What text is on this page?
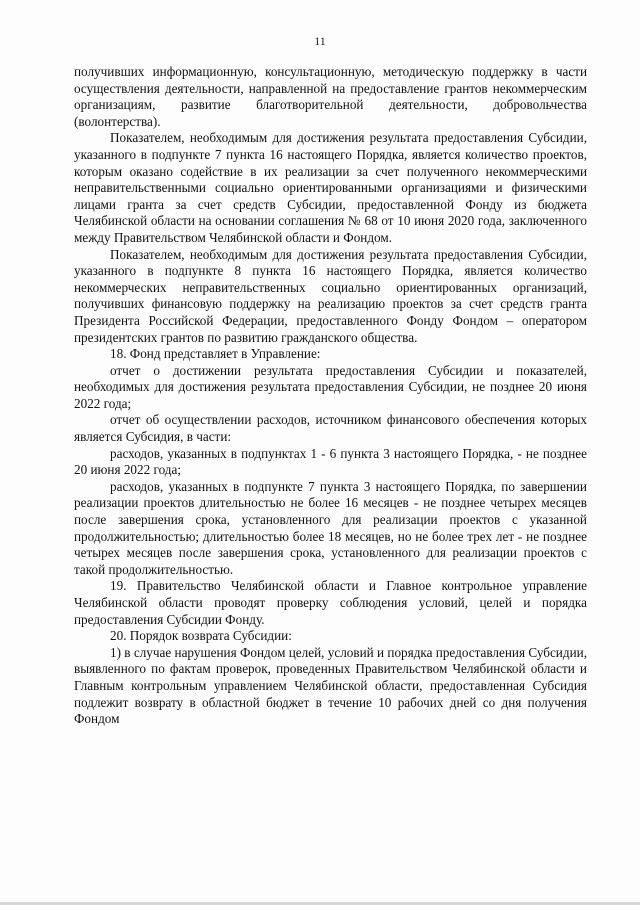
11

получивших информационную, консультационную, методическую поддержку в части осуществления деятельности, направленной на предоставление грантов некоммерческим организациям, развитие благотворительной деятельности, добровольчества (волонтерства).

Показателем, необходимым для достижения результата предоставления Субсидии, указанного в подпункте 7 пункта 16 настоящего Порядка, является количество проектов, которым оказано содействие в их реализации за счет полученного некоммерческими неправительственными социально ориентированными организациями и физическими лицами гранта за счет средств Субсидии, предоставленной Фонду из бюджета Челябинской области на основании соглашения № 68 от 10 июня 2020 года, заключенного между Правительством Челябинской области и Фондом.

Показателем, необходимым для достижения результата предоставления Субсидии, указанного в подпункте 8 пункта 16 настоящего Порядка, является количество некоммерческих неправительственных социально ориентированных организаций, получивших финансовую поддержку на реализацию проектов за счет средств гранта Президента Российской Федерации, предоставленного Фонду Фондом – оператором президентских грантов по развитию гражданского общества.

18. Фонд представляет в Управление:

отчет о достижении результата предоставления Субсидии и показателей, необходимых для достижения результата предоставления Субсидии, не позднее 20 июня 2022 года;

отчет об осуществлении расходов, источником финансового обеспечения которых является Субсидия, в части:

расходов, указанных в подпунктах 1 - 6 пункта 3 настоящего Порядка, - не позднее 20 июня 2022 года;

расходов, указанных в подпункте 7 пункта 3 настоящего Порядка, по завершении реализации проектов длительностью не более 16 месяцев - не позднее четырех месяцев после завершения срока, установленного для реализации проектов с указанной продолжительностью; длительностью более 18 месяцев, но не более трех лет - не позднее четырех месяцев после завершения срока, установленного для реализации проектов с такой продолжительностью.

19. Правительство Челябинской области и Главное контрольное управление Челябинской области проводят проверку соблюдения условий, целей и порядка предоставления Субсидии Фонду.

20. Порядок возврата Субсидии:

1) в случае нарушения Фондом целей, условий и порядка предоставления Субсидии, выявленного по фактам проверок, проведенных Правительством Челябинской области и Главным контрольным управлением Челябинской области, предоставленная Субсидия подлежит возврату в областной бюджет в течение 10 рабочих дней со дня получения Фондом
